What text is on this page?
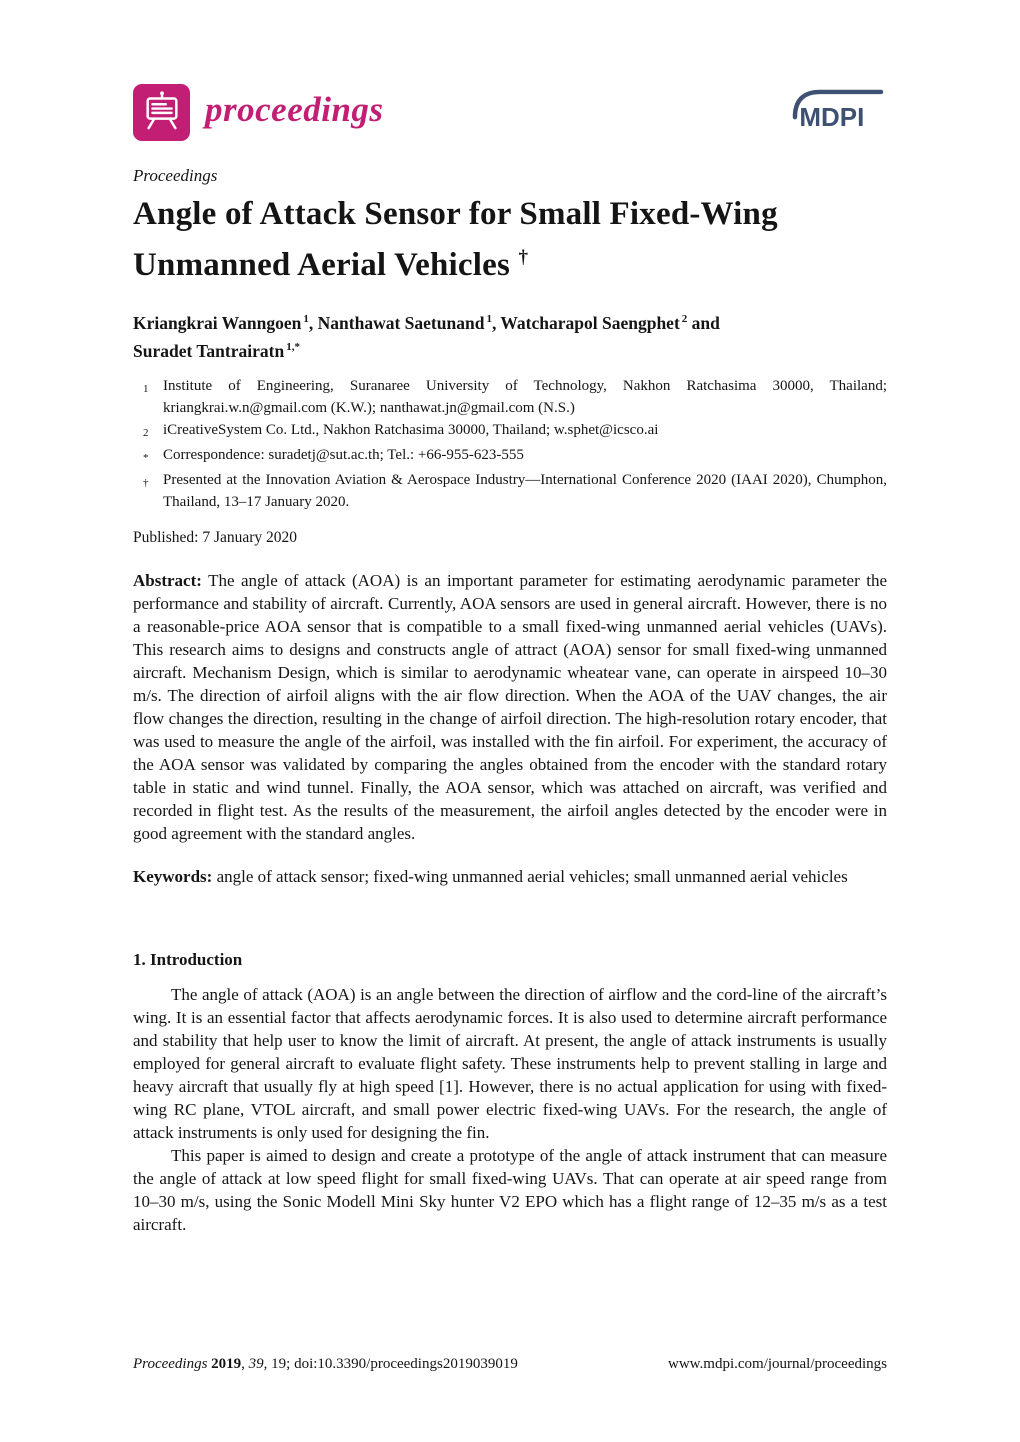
proceedings	MDPI
Proceedings
Angle of Attack Sensor for Small Fixed-Wing Unmanned Aerial Vehicles †

Kriangkrai Wanngoen $^1$, Nanthawat Saetunand $^1$, Watcharapol Saengphet $^2$ and
Suradet Tantrairatn $^{1,*}$

1 Institute of Engineering, Suranaree University of Technology, Nakhon Ratchasima 30000, Thailand; kriangkrai.w.n@gmail.com (K.W.); nanthawat.jn@gmail.com (N.S.)
2 iCreativeSystem Co. Ltd., Nakhon Ratchasima 30000, Thailand; w.sphet@icsco.ai
* Correspondence: suradetj@sut.ac.th; Tel.: +66-955-623-555
† Presented at the Innovation Aviation & Aerospace Industry—International Conference 2020 (IAAI 2020), Chumphon, Thailand, 13–17 January 2020.

Published: 7 January 2020

Abstract: The angle of attack (AOA) is an important parameter for estimating aerodynamic parameter the performance and stability of aircraft. Currently, AOA sensors are used in general aircraft. However, there is no a reasonable-price AOA sensor that is compatible to a small fixed-wing unmanned aerial vehicles (UAVs). This research aims to designs and constructs angle of attract (AOA) sensor for small fixed-wing unmanned aircraft. Mechanism Design, which is similar to aerodynamic wheatear vane, can operate in airspeed 10–30 m/s. The direction of airfoil aligns with the air flow direction. When the AOA of the UAV changes, the air flow changes the direction, resulting in the change of airfoil direction. The high-resolution rotary encoder, that was used to measure the angle of the airfoil, was installed with the fin airfoil. For experiment, the accuracy of the AOA sensor was validated by comparing the angles obtained from the encoder with the standard rotary table in static and wind tunnel. Finally, the AOA sensor, which was attached on aircraft, was verified and recorded in flight test. As the results of the measurement, the airfoil angles detected by the encoder were in good agreement with the standard angles.

Keywords: angle of attack sensor; fixed-wing unmanned aerial vehicles; small unmanned aerial vehicles

1. Introduction

The angle of attack (AOA) is an angle between the direction of airflow and the cord-line of the aircraft’s wing. It is an essential factor that affects aerodynamic forces. It is also used to determine aircraft performance and stability that help user to know the limit of aircraft. At present, the angle of attack instruments is usually employed for general aircraft to evaluate flight safety. These instruments help to prevent stalling in large and heavy aircraft that usually fly at high speed [1]. However, there is no actual application for using with fixed-wing RC plane, VTOL aircraft, and small power electric fixed-wing UAVs. For the research, the angle of attack instruments is only used for designing the fin.

This paper is aimed to design and create a prototype of the angle of attack instrument that can measure the angle of attack at low speed flight for small fixed-wing UAVs. That can operate at air speed range from 10–30 m/s, using the Sonic Modell Mini Sky hunter V2 EPO which has a flight range of 12–35 m/s as a test aircraft.

Proceedings 2019, 39, 19; doi:10.3390/proceedings2019039019	www.mdpi.com/journal/proceedings
